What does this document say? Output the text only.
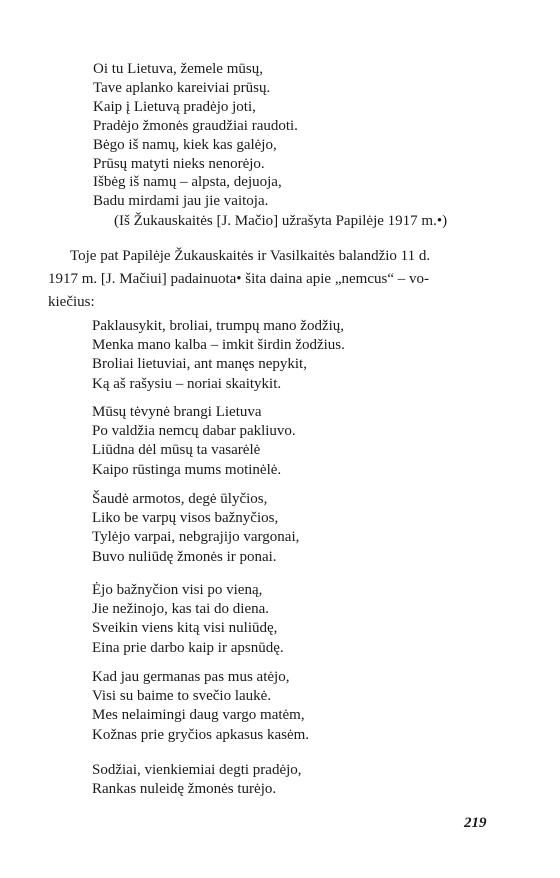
Oi tu Lietuva, žemele mūsų,
Tave aplanko kareiviai prūsų.
Kaip į Lietuvą pradėjo joti,
Pradėjo žmonės graudžiai raudoti.
Bėgo iš namų, kiek kas galėjo,
Prūsų matyti nieks nenorėjo.
Išbėg iš namų – alpsta, dejuoja,
Badu mirdami jau jie vaitoja.
(Iš Žukauskaitės [J. Mačio] užrašyta Papilėje 1917 m.•)

Toje pat Papilėje Žukauskaitės ir Vasilkaitės balandžio 11 d.
1917 m. [J. Mačiui] padainuota• šita daina apie „nemcus“ – vo-
kiečius:

Paklausykit, broliai, trumpų mano žodžių,
Menka mano kalba – imkit širdin žodžius.
Broliai lietuviai, ant manęs nepykit,
Ką aš rašysiu – noriai skaitykit.
Mūsų tėvynė brangi Lietuva
Po valdžia nemcų dabar pakliuvo.
Liūdna dėl mūsų ta vasarėlė
Kaipo rūstinga mums motinėlė.
Šaudė armotos, degė ūlyčios,
Liko be varpų visos bažnyčios,
Tylėjo varpai, nebgrajijo vargonai,
Buvo nuliūdę žmonės ir ponai.
Ėjo bažnyčion visi po vieną,
Jie nežinojo, kas tai do diena.
Sveikin viens kitą visi nuliūdę,
Eina prie darbo kaip ir apsnūdę.
Kad jau germanas pas mus atėjo,
Visi su baime to svečio laukė.
Mes nelaimingi daug vargo matėm,
Kožnas prie gryčios apkasus kasėm.
Sodžiai, vienkiemiai degti pradėjo,
Rankas nuleidę žmonės turėjo.
219
